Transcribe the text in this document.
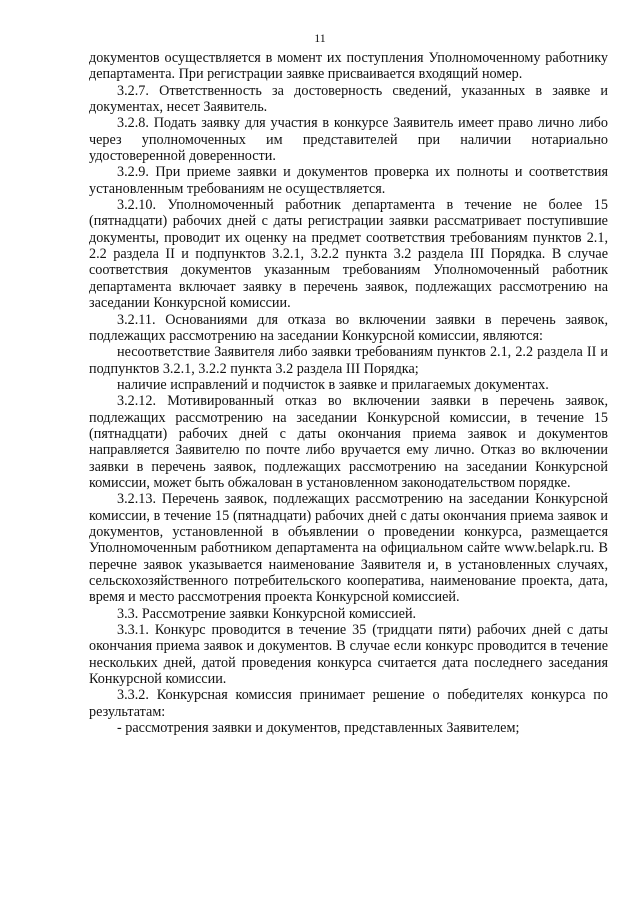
11

документов осуществляется в момент их поступления Уполномоченному работнику департамента. При регистрации заявке присваивается входящий номер.

3.2.7. Ответственность за достоверность сведений, указанных в заявке и документах, несет Заявитель.

3.2.8. Подать заявку для участия в конкурсе Заявитель имеет право лично либо через уполномоченных им представителей при наличии нотариально удостоверенной доверенности.

3.2.9. При приеме заявки и документов проверка их полноты и соответствия установленным требованиям не осуществляется.

3.2.10. Уполномоченный работник департамента в течение не более 15 (пятнадцати) рабочих дней с даты регистрации заявки рассматривает поступившие документы, проводит их оценку на предмет соответствия требованиям пунктов 2.1, 2.2 раздела II и подпунктов 3.2.1, 3.2.2 пункта 3.2 раздела III Порядка. В случае соответствия документов указанным требованиям Уполномоченный работник департамента включает заявку в перечень заявок, подлежащих рассмотрению на заседании Конкурсной комиссии.

3.2.11. Основаниями для отказа во включении заявки в перечень заявок, подлежащих рассмотрению на заседании Конкурсной комиссии, являются:

несоответствие Заявителя либо заявки требованиям пунктов 2.1, 2.2 раздела II и подпунктов 3.2.1, 3.2.2 пункта 3.2 раздела III Порядка;

наличие исправлений и подчисток в заявке и прилагаемых документах.

3.2.12. Мотивированный отказ во включении заявки в перечень заявок, подлежащих рассмотрению на заседании Конкурсной комиссии, в течение 15 (пятнадцати) рабочих дней с даты окончания приема заявок и документов направляется Заявителю по почте либо вручается ему лично. Отказ во включении заявки в перечень заявок, подлежащих рассмотрению на заседании Конкурсной комиссии, может быть обжалован в установленном законодательством порядке.

3.2.13. Перечень заявок, подлежащих рассмотрению на заседании Конкурсной комиссии, в течение 15 (пятнадцати) рабочих дней с даты окончания приема заявок и документов, установленной в объявлении о проведении конкурса, размещается Уполномоченным работником департамента на официальном сайте www.belapk.ru. В перечне заявок указывается наименование Заявителя и, в установленных случаях, сельскохозяйственного потребительского кооператива, наименование проекта, дата, время и место рассмотрения проекта Конкурсной комиссией.

3.3. Рассмотрение заявки Конкурсной комиссией.

3.3.1. Конкурс проводится в течение 35 (тридцати пяти) рабочих дней с даты окончания приема заявок и документов. В случае если конкурс проводится в течение нескольких дней, датой проведения конкурса считается дата последнего заседания Конкурсной комиссии.

3.3.2. Конкурсная комиссия принимает решение о победителях конкурса по результатам:

- рассмотрения заявки и документов, представленных Заявителем;
